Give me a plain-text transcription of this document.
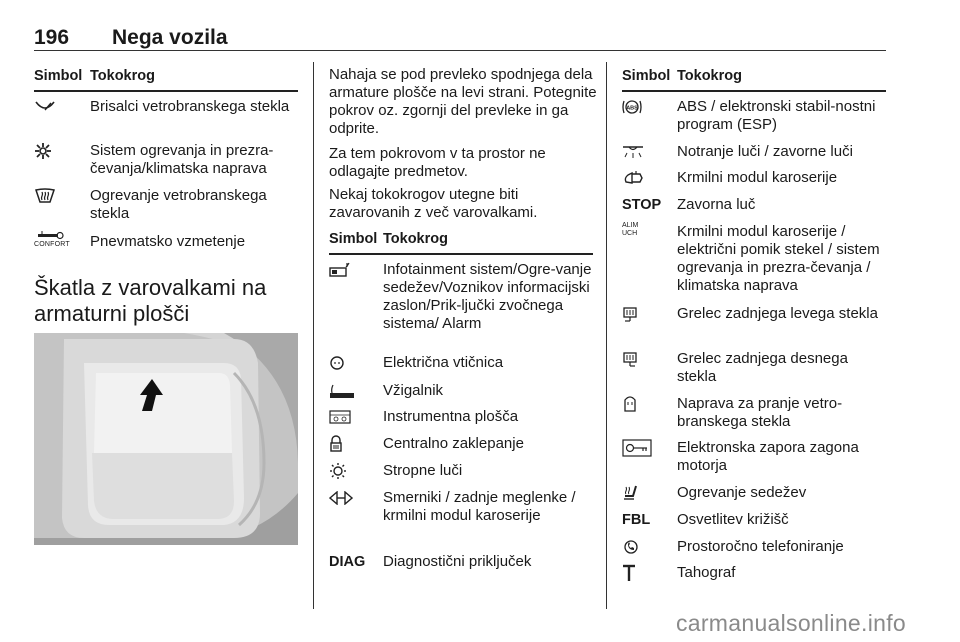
196 Nega vozila
Simbol Tokokrog
Brisalci vetrobranskega stekla
Sistem ogrevanja in prezra-čevanja/klimatska naprava
Ogrevanje vetrobranskega stekla
CONFORT Pnevmatsko vzmetenje
Škatla z varovalkami na armaturni plošči

Nahaja se pod prevleko spodnjega dela armature plošče na levi strani. Potegnite pokrov oz. zgornji del prevleke in ga odprite.

Za tem pokrovom v ta prostor ne odlagajte predmetov.

Nekaj tokokrogov utegne biti zavarovanih z več varovalkami.

Simbol Tokokrog
Infotainment sistem/Ogre-vanje sedežev/Voznikov informacijski zaslon/Prik-ljučki zvočnega sistema/ Alarm
Električna vtičnica
Vžigalnik
Instrumentna plošča
Centralno zaklepanje
Stropne luči
Smerniki / zadnje meglenke / krmilni modul karoserije
DIAG	Diagnostični priključek
Simbol Tokokrog
ABS	ABS / elektronski stabil-nostni program (ESP)
Notranje luči / zavorne luči
Krmilni modul karoserije
STOP	Zavorna luč
ALIM
UCH	Krmilni modul karoserije / električni pomik stekel / sistem ogrevanja in prezra-čevanja / klimatska naprava
Grelec zadnjega levega stekla
Grelec zadnjega desnega stekla
Naprava za pranje vetro-branskega stekla
Elektronska zapora zagona motorja
Ogrevanje sedežev
FBL	Osvetlitev križišč
Prostoročno telefoniranje
Tahograf
carmanualsonline.info
